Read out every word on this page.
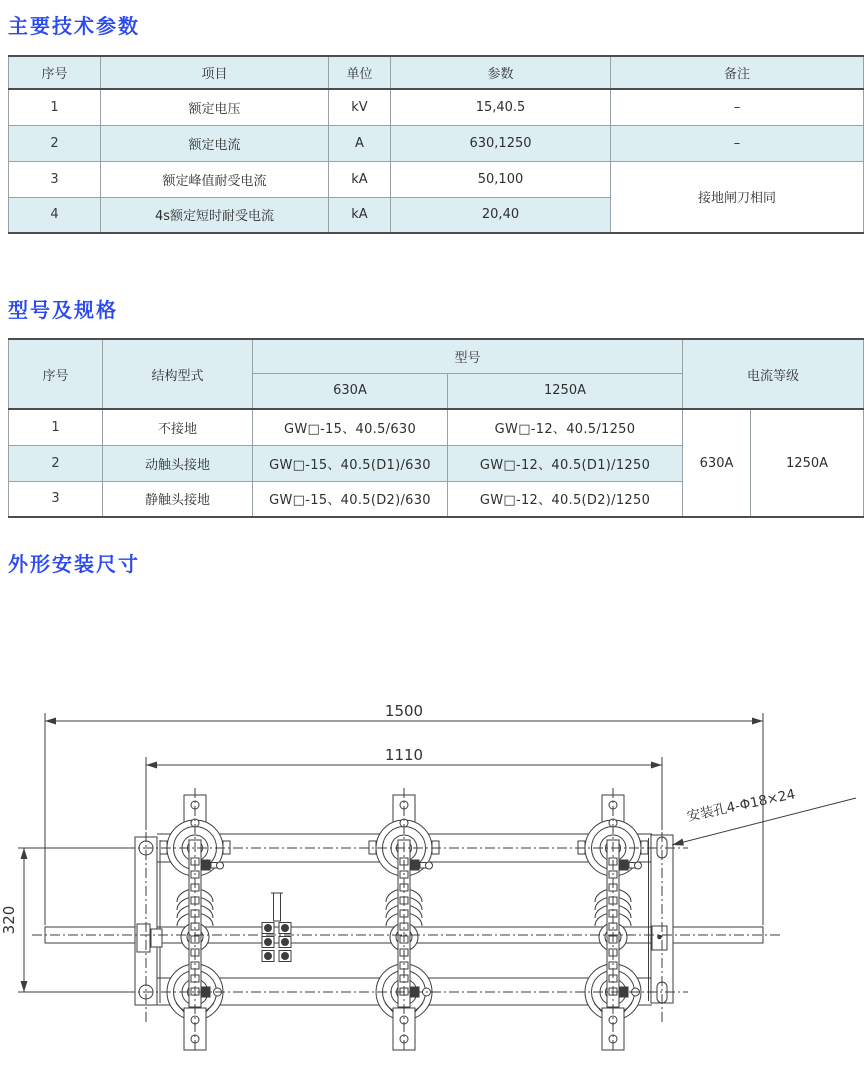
主要技术参数
序号	项目	单位	参数	备注
1	额定电压	kV	15,40.5	–
2	额定电流	A	630,1250	–
3	额定峰值耐受电流	kA	50,100	接地闸刀相同
4	4s额定短时耐受电流	kA	20,40	
型号及规格
序号	结构型式	型号		电流等级	
		630A	1250A		
1	不接地	GW□-15、40.5/630	GW□-12、40.5/1250	630A	1250A
2	动触头接地	GW□-15、40.5(D1)/630	GW□-12、40.5(D1)/1250		
3	静触头接地	GW□-15、40.5(D2)/630	GW□-12、40.5(D2)/1250		
外形安装尺寸
1500
1110
320
安装孔4-Φ18×24
